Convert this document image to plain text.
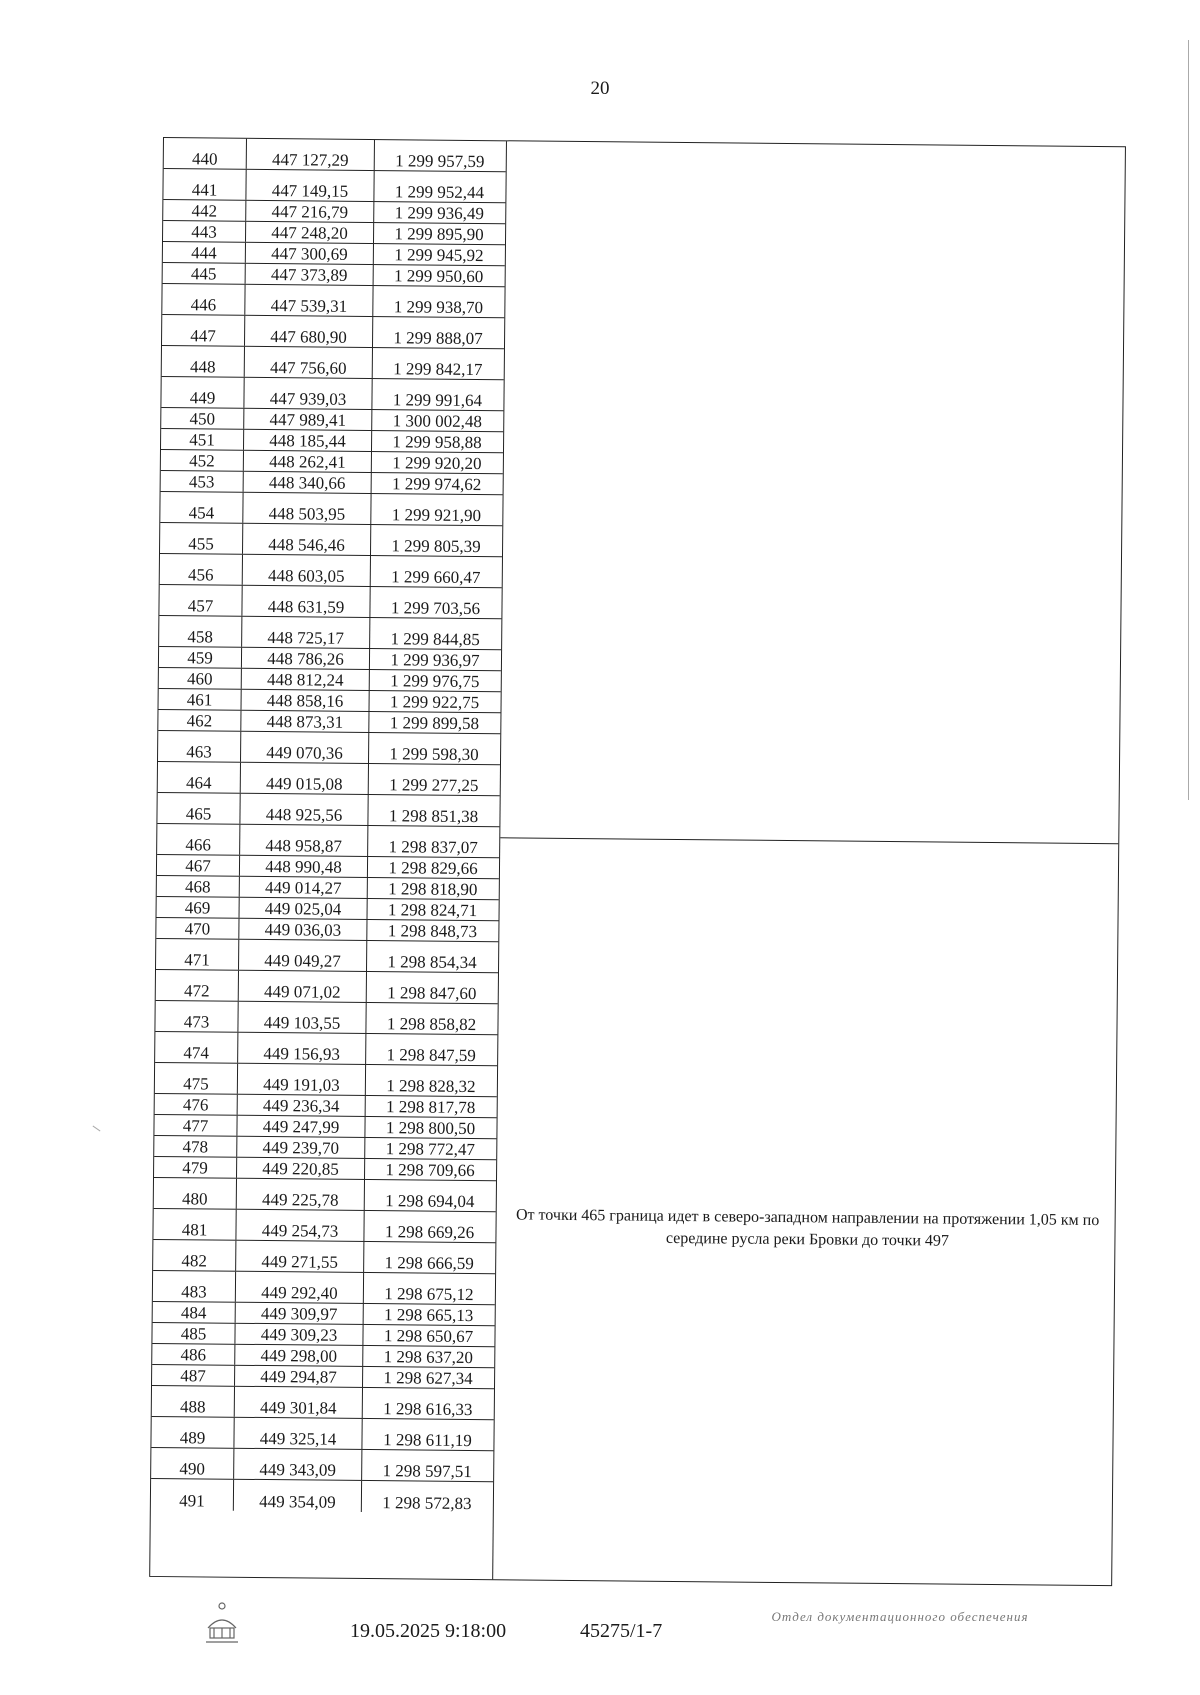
20
440	447 127,29	1 299 957,59
441	447 149,15	1 299 952,44
442	447 216,79	1 299 936,49
443	447 248,20	1 299 895,90
444	447 300,69	1 299 945,92
445	447 373,89	1 299 950,60
446	447 539,31	1 299 938,70
447	447 680,90	1 299 888,07
448	447 756,60	1 299 842,17
449	447 939,03	1 299 991,64
450	447 989,41	1 300 002,48
451	448 185,44	1 299 958,88
452	448 262,41	1 299 920,20
453	448 340,66	1 299 974,62
454	448 503,95	1 299 921,90
455	448 546,46	1 299 805,39
456	448 603,05	1 299 660,47
457	448 631,59	1 299 703,56
458	448 725,17	1 299 844,85
459	448 786,26	1 299 936,97
460	448 812,24	1 299 976,75
461	448 858,16	1 299 922,75
462	448 873,31	1 299 899,58
463	449 070,36	1 299 598,30
464	449 015,08	1 299 277,25
465	448 925,56	1 298 851,38
466	448 958,87	1 298 837,07
467	448 990,48	1 298 829,66
468	449 014,27	1 298 818,90
469	449 025,04	1 298 824,71
470	449 036,03	1 298 848,73
471	449 049,27	1 298 854,34
472	449 071,02	1 298 847,60
473	449 103,55	1 298 858,82
474	449 156,93	1 298 847,59
475	449 191,03	1 298 828,32
476	449 236,34	1 298 817,78
477	449 247,99	1 298 800,50
478	449 239,70	1 298 772,47
479	449 220,85	1 298 709,66
480	449 225,78	1 298 694,04
481	449 254,73	1 298 669,26
482	449 271,55	1 298 666,59
483	449 292,40	1 298 675,12
484	449 309,97	1 298 665,13
485	449 309,23	1 298 650,67
486	449 298,00	1 298 637,20
487	449 294,87	1 298 627,34
488	449 301,84	1 298 616,33
489	449 325,14	1 298 611,19
490	449 343,09	1 298 597,51
491	449 354,09	1 298 572,83
От точки 465 граница идет в северо-западном направлении на протяжении 1,05 км по середине русла реки Бровки до точки 497
19.05.2025 9:18:00	45275/1-7
Отдел документационного обеспечения
